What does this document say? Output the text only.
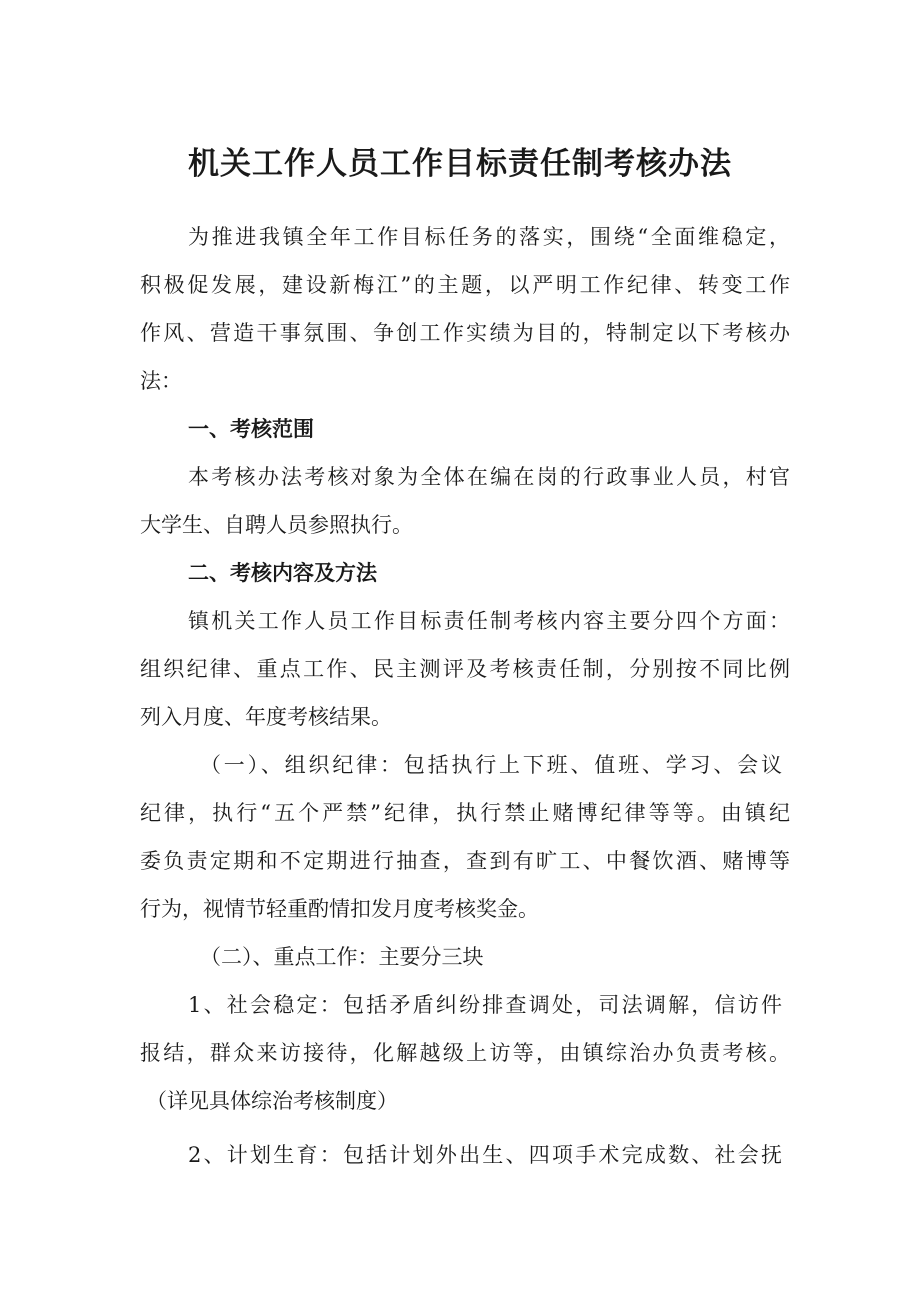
机关工作人员工作目标责任制考核办法

为推进我镇全年工作目标任务的落实，围绕“全面维稳定，

积极促发展，建设新梅江”的主题，以严明工作纪律、转变工作

作风、营造干事氛围、争创工作实绩为目的，特制定以下考核办

法：

一、考核范围

本考核办法考核对象为全体在编在岗的行政事业人员，村官

大学生、自聘人员参照执行。

二、考核内容及方法

镇机关工作人员工作目标责任制考核内容主要分四个方面：

组织纪律、重点工作、民主测评及考核责任制，分别按不同比例

列入月度、年度考核结果。

（一）、组织纪律：包括执行上下班、值班、学习、会议

纪律，执行“五个严禁”纪律，执行禁止赌博纪律等等。由镇纪

委负责定期和不定期进行抽查，查到有旷工、中餐饮酒、赌博等

行为，视情节轻重酌情扣发月度考核奖金。

（二）、重点工作：主要分三块

1、社会稳定：包括矛盾纠纷排查调处，司法调解，信访件

报结，群众来访接待，化解越级上访等，由镇综治办负责考核。

（详见具体综治考核制度）

2、计划生育：包括计划外出生、四项手术完成数、社会抚
